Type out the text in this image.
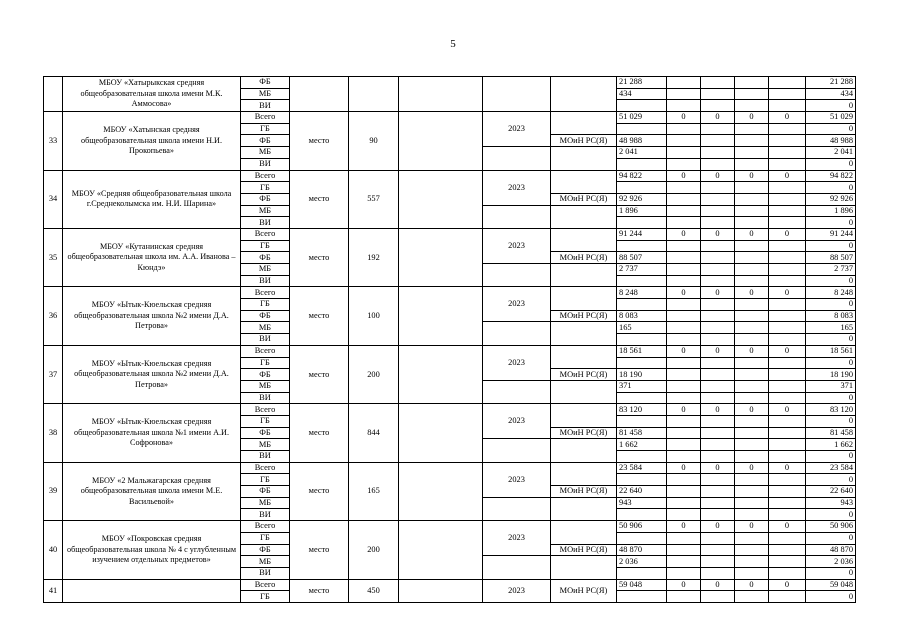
5
	МБОУ «Хатырыкская средняя общеобразовательная школа имени М.К. Аммосова»	ФБ						21 288					21 288
		МБ						434					434
		ВИ											0
33	МБОУ «Хатынская средняя общеобразовательная школа имени Н.И. Прокопьева»	Всего	место	90		2023		51 029	0	0	0	0	51 029
		ГБ											0
		ФБ					МОиН РС(Я)	48 988					48 988
		МБ						2 041					2 041
		ВИ											0
34	МБОУ «Средняя общеобразовательная школа г.Среднеколымска им. Н.И. Шарина»	Всего	место	557		2023		94 822	0	0	0	0	94 822
		ГБ											0
		ФБ					МОиН РС(Я)	92 926					92 926
		МБ						1 896					1 896
		ВИ											0
35	МБОУ «Кутанинская средняя общеобразовательная школа им. А.А. Иванова – Кюндэ»	Всего	место	192		2023		91 244	0	0	0	0	91 244
		ГБ											0
		ФБ					МОиН РС(Я)	88 507					88 507
		МБ						2 737					2 737
		ВИ											0
36	МБОУ «Ытык-Кюельская средняя общеобразовательная школа №2 имени Д.А. Петрова»	Всего	место	100		2023		8 248	0	0	0	0	8 248
		ГБ											0
		ФБ					МОиН РС(Я)	8 083					8 083
		МБ						165					165
		ВИ											0
37	МБОУ «Ытык-Кюельская средняя общеобразовательная школа №2 имени Д.А. Петрова»	Всего	место	200		2023		18 561	0	0	0	0	18 561
		ГБ											0
		ФБ					МОиН РС(Я)	18 190					18 190
		МБ						371					371
		ВИ											0
38	МБОУ «Ытык-Кюельская средняя общеобразовательная школа №1 имени А.И. Софронова»	Всего	место	844		2023		83 120	0	0	0	0	83 120
		ГБ											0
		ФБ					МОиН РС(Я)	81 458					81 458
		МБ						1 662					1 662
		ВИ											0
39	МБОУ «2 Мальжагарская средняя общеобразовательная школа имени М.Е. Васильевой»	Всего	место	165		2023		23 584	0	0	0	0	23 584
		ГБ											0
		ФБ					МОиН РС(Я)	22 640					22 640
		МБ						943					943
		ВИ											0
40	МБОУ «Покровская средняя общеобразовательная школа № 4 с углубленным изучением отдельных предметов»	Всего	место	200		2023		50 906	0	0	0	0	50 906
		ГБ											0
		ФБ					МОиН РС(Я)	48 870					48 870
		МБ						2 036					2 036
		ВИ											0
41		Всего	место	450		2023	МОиН РС(Я)	59 048	0	0	0	0	59 048
		ГБ											0
